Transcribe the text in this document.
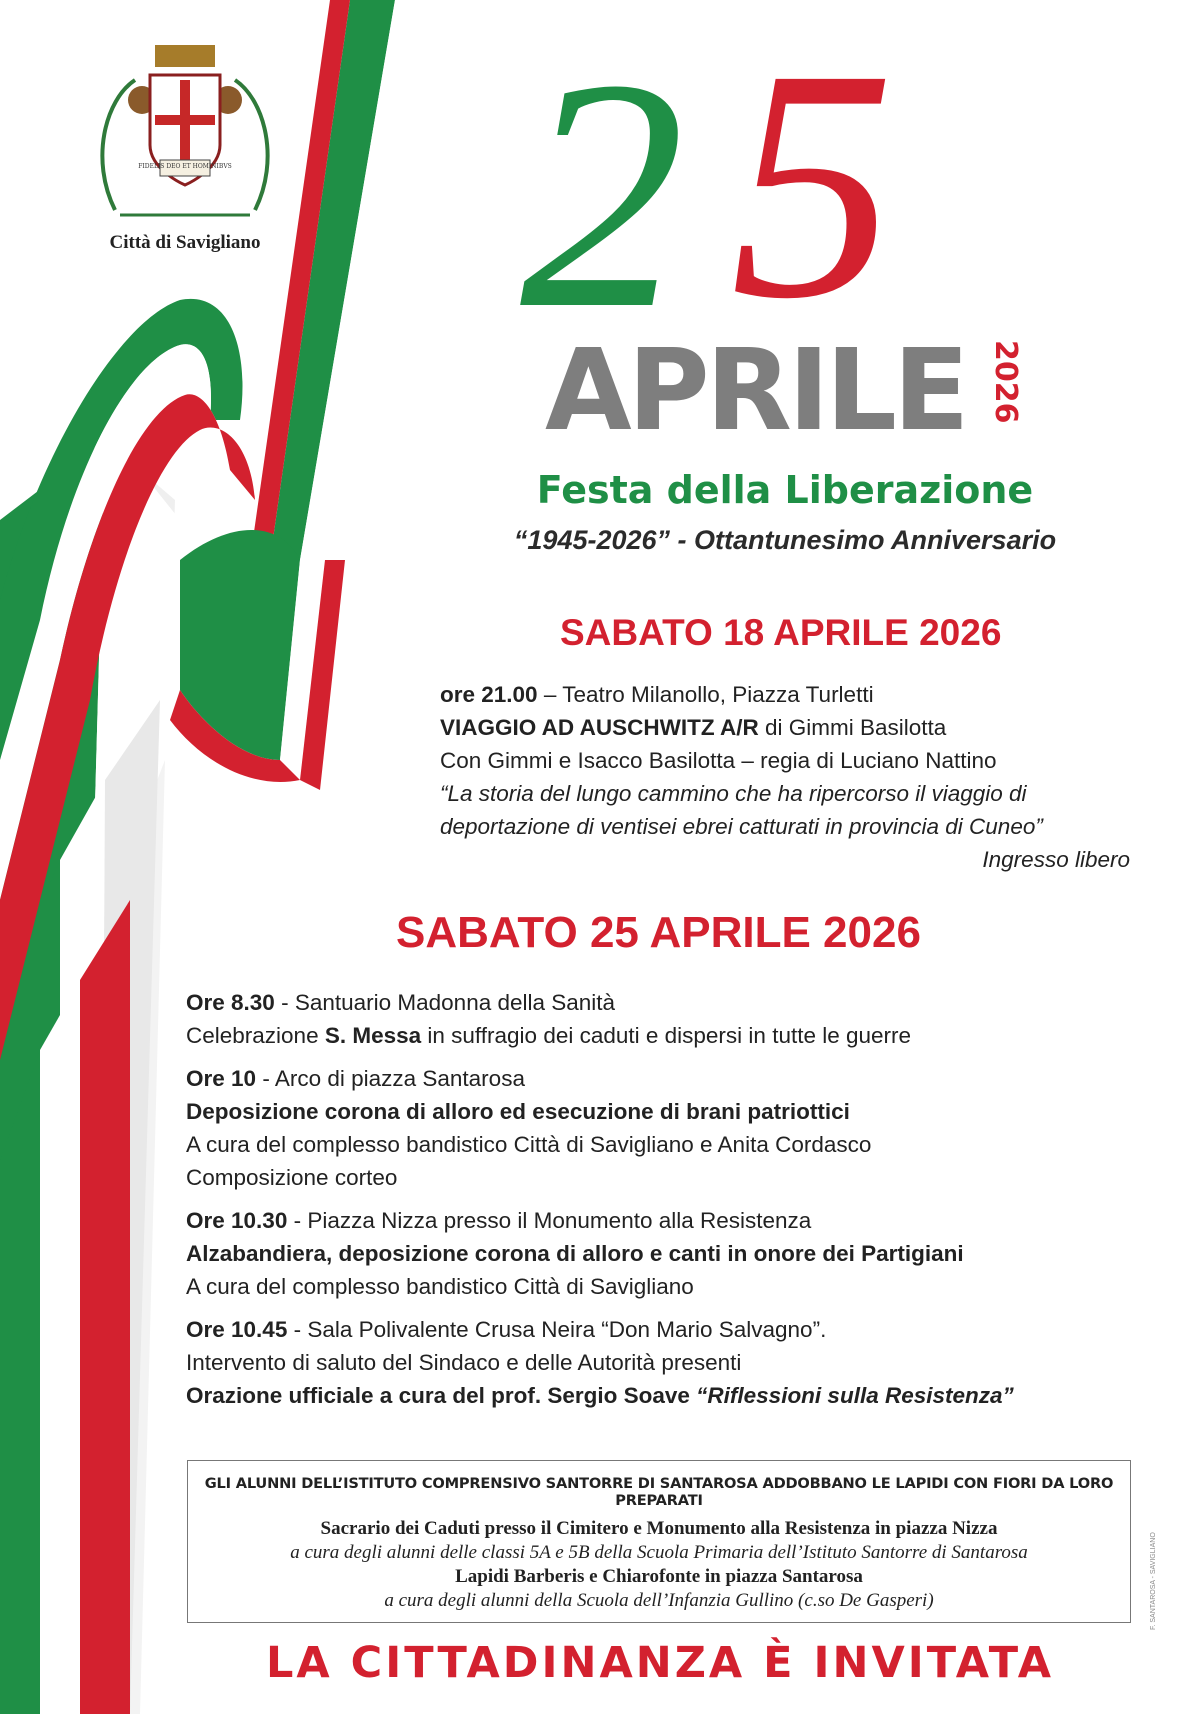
FIDELIS DEO ET HOMINIBVS
Città di Savigliano 2 5
APRILE 2026
Festa della Liberazione
“1945-2026” - Ottantunesimo Anniversario
SABATO 18 APRILE 2026

ore 21.00 – Teatro Milanollo, Piazza Turletti

VIAGGIO AD AUSCHWITZ A/R di Gimmi Basilotta

Con Gimmi e Isacco Basilotta – regia di Luciano Nattino

“La storia del lungo cammino che ha ripercorso il viaggio di

deportazione di ventisei ebrei catturati in provincia di Cuneo”

Ingresso libero

SABATO 25 APRILE 2026

Ore 8.30 - Santuario Madonna della Sanità

Celebrazione S. Messa in suffragio dei caduti e dispersi in tutte le guerre

Ore 10 - Arco di piazza Santarosa

Deposizione corona di alloro ed esecuzione di brani patriottici

A cura del complesso bandistico Città di Savigliano e Anita Cordasco

Composizione corteo

Ore 10.30 - Piazza Nizza presso il Monumento alla Resistenza

Alzabandiera, deposizione corona di alloro e canti in onore dei Partigiani

A cura del complesso bandistico Città di Savigliano

Ore 10.45 - Sala Polivalente Crusa Neira “Don Mario Salvagno”.

Intervento di saluto del Sindaco e delle Autorità presenti

Orazione ufficiale a cura del prof. Sergio Soave “Riflessioni sulla Resistenza”

GLI ALUNNI DELL’ISTITUTO COMPRENSIVO SANTORRE DI SANTAROSA ADDOBBANO LE LAPIDI CON FIORI DA LORO PREPARATI
Sacrario dei Caduti presso il Cimitero e Monumento alla Resistenza in piazza Nizza
a cura degli alunni delle classi 5A e 5B della Scuola Primaria dell’Istituto Santorre di Santarosa
Lapidi Barberis e Chiarofonte in piazza Santarosa
a cura degli alunni della Scuola dell’Infanzia Gullino (c.so De Gasperi)
LA CITTADINANZA È INVITATA
F. SANTAROSA - SAVIGLIANO
